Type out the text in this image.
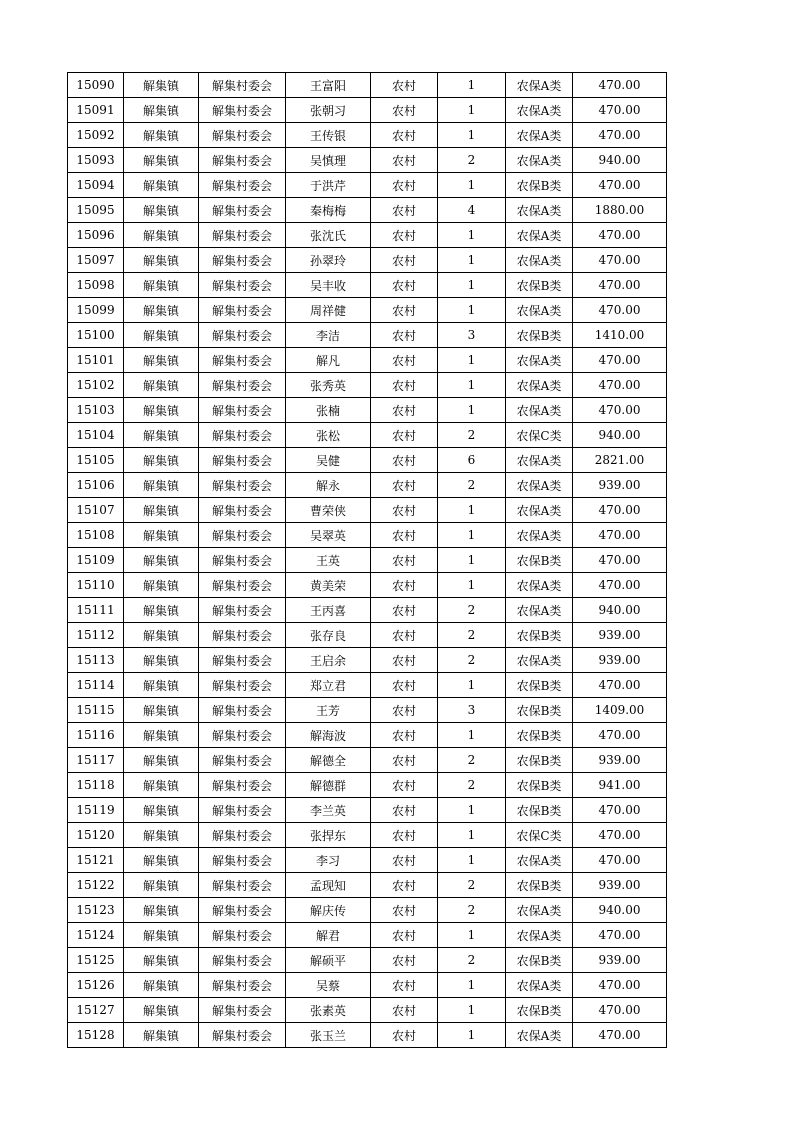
15090	解集镇	解集村委会	王富阳	农村	1	农保A类	470.00
15091	解集镇	解集村委会	张朝习	农村	1	农保A类	470.00
15092	解集镇	解集村委会	王传银	农村	1	农保A类	470.00
15093	解集镇	解集村委会	吴慎理	农村	2	农保A类	940.00
15094	解集镇	解集村委会	于洪芹	农村	1	农保B类	470.00
15095	解集镇	解集村委会	秦梅梅	农村	4	农保A类	1880.00
15096	解集镇	解集村委会	张沈氏	农村	1	农保A类	470.00
15097	解集镇	解集村委会	孙翠玲	农村	1	农保A类	470.00
15098	解集镇	解集村委会	吴丰收	农村	1	农保B类	470.00
15099	解集镇	解集村委会	周祥健	农村	1	农保A类	470.00
15100	解集镇	解集村委会	李洁	农村	3	农保B类	1410.00
15101	解集镇	解集村委会	解凡	农村	1	农保A类	470.00
15102	解集镇	解集村委会	张秀英	农村	1	农保A类	470.00
15103	解集镇	解集村委会	张楠	农村	1	农保A类	470.00
15104	解集镇	解集村委会	张松	农村	2	农保C类	940.00
15105	解集镇	解集村委会	吴健	农村	6	农保A类	2821.00
15106	解集镇	解集村委会	解永	农村	2	农保A类	939.00
15107	解集镇	解集村委会	曹荣侠	农村	1	农保A类	470.00
15108	解集镇	解集村委会	吴翠英	农村	1	农保A类	470.00
15109	解集镇	解集村委会	王英	农村	1	农保B类	470.00
15110	解集镇	解集村委会	黄美荣	农村	1	农保A类	470.00
15111	解集镇	解集村委会	王丙喜	农村	2	农保A类	940.00
15112	解集镇	解集村委会	张存良	农村	2	农保B类	939.00
15113	解集镇	解集村委会	王启余	农村	2	农保A类	939.00
15114	解集镇	解集村委会	郑立君	农村	1	农保B类	470.00
15115	解集镇	解集村委会	王芳	农村	3	农保B类	1409.00
15116	解集镇	解集村委会	解海波	农村	1	农保B类	470.00
15117	解集镇	解集村委会	解德全	农村	2	农保B类	939.00
15118	解集镇	解集村委会	解德群	农村	2	农保B类	941.00
15119	解集镇	解集村委会	李兰英	农村	1	农保B类	470.00
15120	解集镇	解集村委会	张捍东	农村	1	农保C类	470.00
15121	解集镇	解集村委会	李习	农村	1	农保A类	470.00
15122	解集镇	解集村委会	孟现知	农村	2	农保B类	939.00
15123	解集镇	解集村委会	解庆传	农村	2	农保A类	940.00
15124	解集镇	解集村委会	解君	农村	1	农保A类	470.00
15125	解集镇	解集村委会	解硕平	农村	2	农保B类	939.00
15126	解集镇	解集村委会	吴蔡	农村	1	农保A类	470.00
15127	解集镇	解集村委会	张素英	农村	1	农保B类	470.00
15128	解集镇	解集村委会	张玉兰	农村	1	农保A类	470.00
